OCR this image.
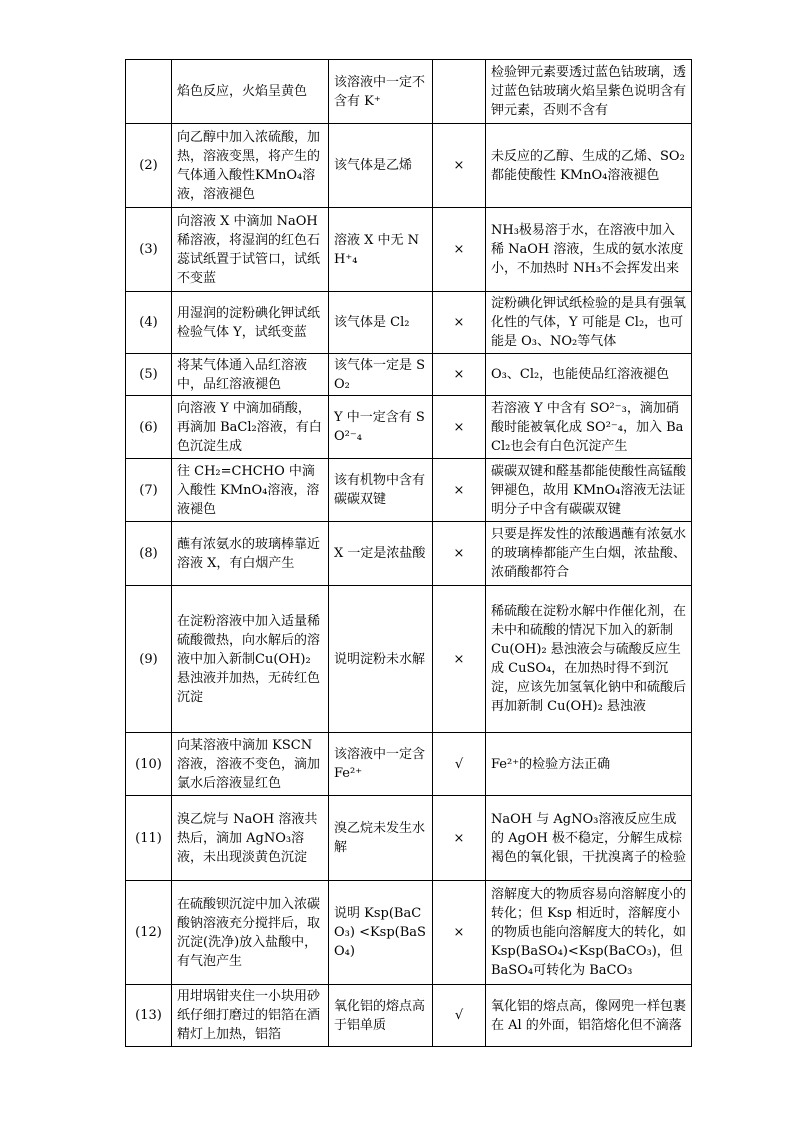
	焰色反应，火焰呈黄色	该溶液中一定不含有 K⁺		检验钾元素要透过蓝色钴玻璃，透过蓝色钴玻璃火焰呈紫色说明含有钾元素，否则不含有
(2)	向乙醇中加入浓硫酸，加热，溶液变黑，将产生的气体通入酸性KMnO₄溶液，溶液褪色	该气体是乙烯	×	未反应的乙醇、生成的乙烯、SO₂都能使酸性 KMnO₄溶液褪色
(3)	向溶液 X 中滴加 NaOH 稀溶液，将湿润的红色石蕊试纸置于试管口，试纸不变蓝	溶液 X 中无 NH⁺₄	×	NH₃极易溶于水，在溶液中加入稀 NaOH 溶液，生成的氨水浓度小，不加热时 NH₃不会挥发出来
(4)	用湿润的淀粉碘化钾试纸检验气体 Y，试纸变蓝	该气体是 Cl₂	×	淀粉碘化钾试纸检验的是具有强氧化性的气体，Y 可能是 Cl₂，也可能是 O₃、NO₂等气体
(5)	将某气体通入品红溶液中，品红溶液褪色	该气体一定是 SO₂	×	O₃、Cl₂，也能使品红溶液褪色
(6)	向溶液 Y 中滴加硝酸，再滴加 BaCl₂溶液，有白色沉淀生成	Y 中一定含有 SO²⁻₄	×	若溶液 Y 中含有 SO²⁻₃，滴加硝酸时能被氧化成 SO²⁻₄，加入 BaCl₂也会有白色沉淀产生
(7)	往 CH₂=CHCHO 中滴入酸性 KMnO₄溶液，溶液褪色	该有机物中含有碳碳双键	×	碳碳双键和醛基都能使酸性高锰酸钾褪色，故用 KMnO₄溶液无法证明分子中含有碳碳双键
(8)	蘸有浓氨水的玻璃棒靠近溶液 X，有白烟产生	X 一定是浓盐酸	×	只要是挥发性的浓酸遇蘸有浓氨水的玻璃棒都能产生白烟，浓盐酸、浓硝酸都符合
(9)	在淀粉溶液中加入适量稀硫酸微热，向水解后的溶液中加入新制Cu(OH)₂悬浊液并加热，无砖红色沉淀	说明淀粉未水解	×	稀硫酸在淀粉水解中作催化剂，在未中和硫酸的情况下加入的新制 Cu(OH)₂ 悬浊液会与硫酸反应生成 CuSO₄，在加热时得不到沉淀，应该先加氢氧化钠中和硫酸后再加新制 Cu(OH)₂ 悬浊液
(10)	向某溶液中滴加 KSCN 溶液，溶液不变色，滴加氯水后溶液显红色	该溶液中一定含 Fe²⁺	√	Fe²⁺的检验方法正确
(11)	溴乙烷与 NaOH 溶液共热后，滴加 AgNO₃溶液，未出现淡黄色沉淀	溴乙烷未发生水解	×	NaOH 与 AgNO₃溶液反应生成的 AgOH 极不稳定，分解生成棕褐色的氧化银，干扰溴离子的检验
(12)	在硫酸钡沉淀中加入浓碳酸钠溶液充分搅拌后，取沉淀(洗净)放入盐酸中，有气泡产生	说明 Ksp(BaCO₃) <Ksp(BaSO₄)	×	溶解度大的物质容易向溶解度小的转化；但 Ksp 相近时，溶解度小的物质也能向溶解度大的转化，如 Ksp(BaSO₄)<Ksp(BaCO₃)，但 BaSO₄可转化为 BaCO₃
(13)	用坩埚钳夹住一小块用砂纸仔细打磨过的铝箔在酒精灯上加热，铝箔	氧化铝的熔点高于铝单质	√	氧化铝的熔点高，像网兜一样包裹在 Al 的外面，铝箔熔化但不滴落
